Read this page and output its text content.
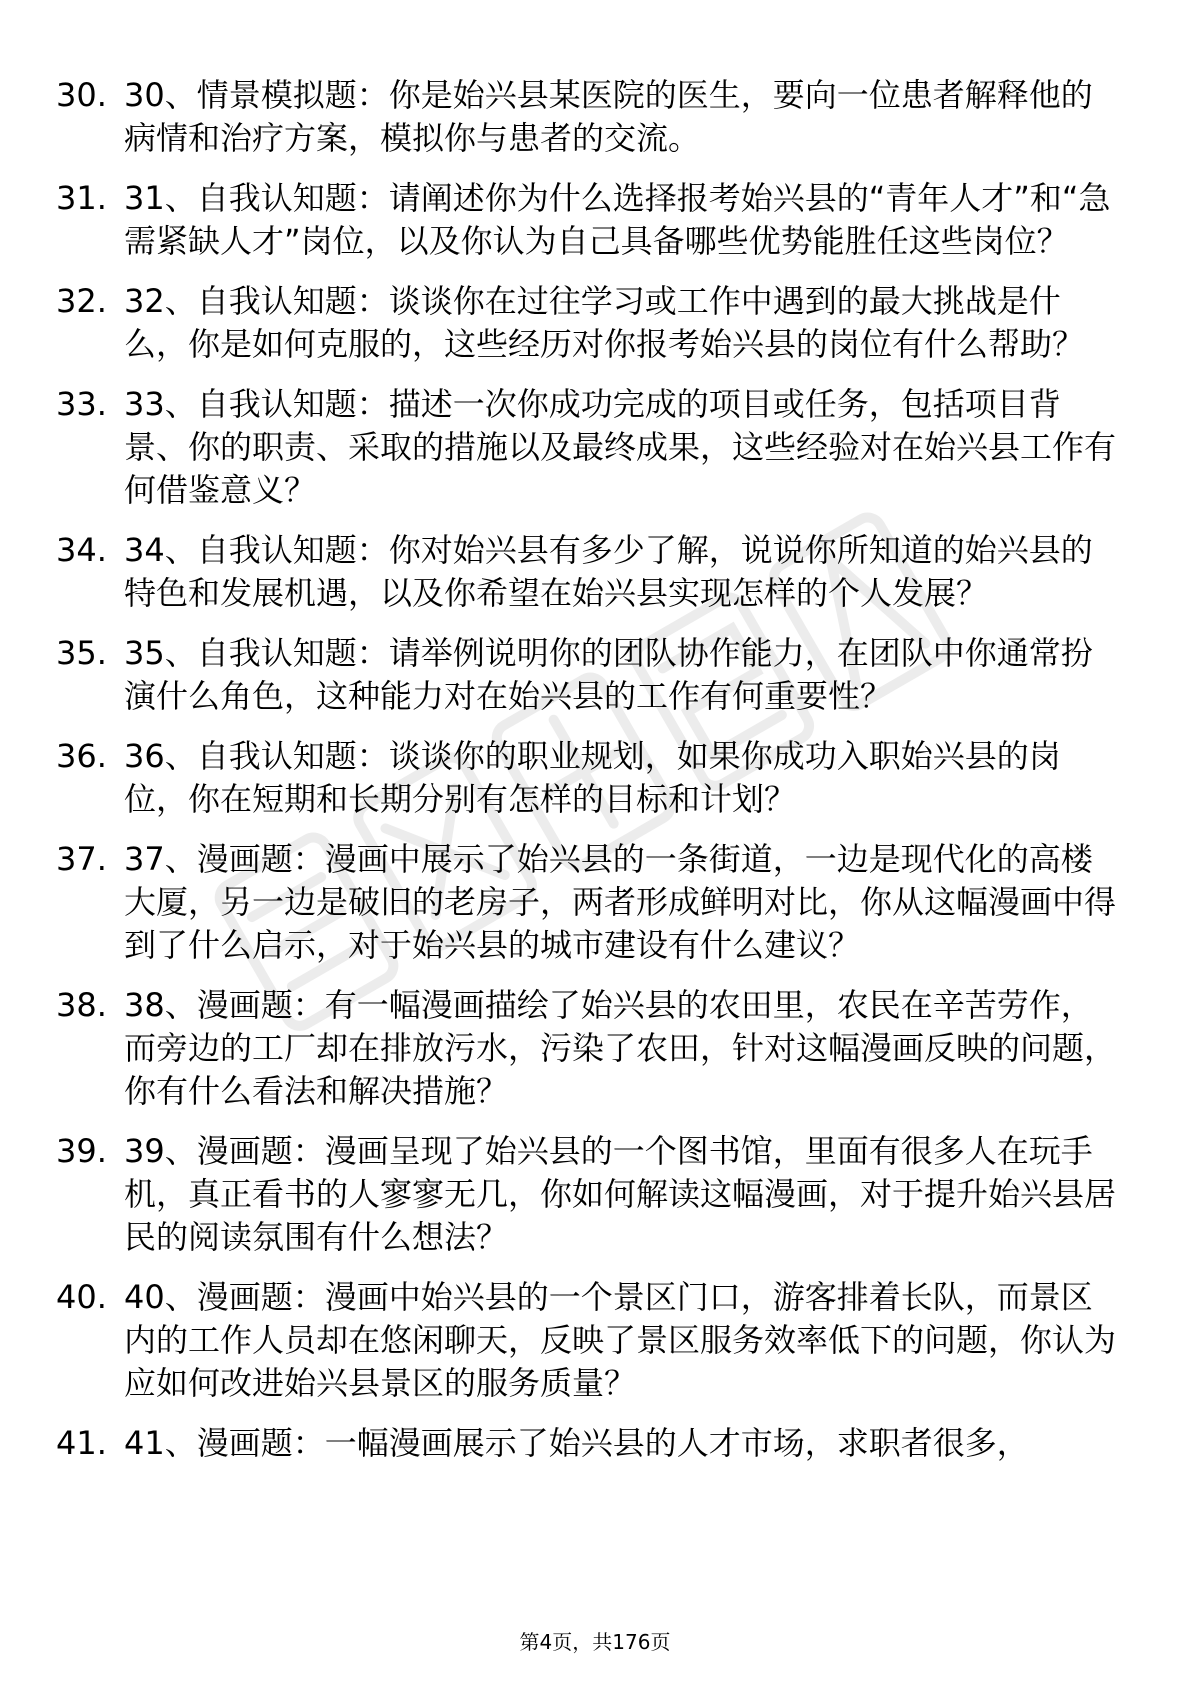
30. 30、情景模拟题：你是始兴县某医院的医生，要向一位患者解释他的病情和治疗方案，模拟你与患者的交流。
31. 31、自我认知题：请阐述你为什么选择报考始兴县的“青年人才”和“急需紧缺人才”岗位，以及你认为自己具备哪些优势能胜任这些岗位？
32. 32、自我认知题：谈谈你在过往学习或工作中遇到的最大挑战是什么，你是如何克服的，这些经历对你报考始兴县的岗位有什么帮助？
33. 33、自我认知题：描述一次你成功完成的项目或任务，包括项目背景、你的职责、采取的措施以及最终成果，这些经验对在始兴县工作有何借鉴意义？
34. 34、自我认知题：你对始兴县有多少了解，说说你所知道的始兴县的特色和发展机遇，以及你希望在始兴县实现怎样的个人发展？
35. 35、自我认知题：请举例说明你的团队协作能力，在团队中你通常扮演什么角色，这种能力对在始兴县的工作有何重要性？
36. 36、自我认知题：谈谈你的职业规划，如果你成功入职始兴县的岗位，你在短期和长期分别有怎样的目标和计划？
37. 37、漫画题：漫画中展示了始兴县的一条街道，一边是现代化的高楼大厦，另一边是破旧的老房子，两者形成鲜明对比，你从这幅漫画中得到了什么启示，对于始兴县的城市建设有什么建议？
38. 38、漫画题：有一幅漫画描绘了始兴县的农田里，农民在辛苦劳作，而旁边的工厂却在排放污水，污染了农田，针对这幅漫画反映的问题，你有什么看法和解决措施？
39. 39、漫画题：漫画呈现了始兴县的一个图书馆，里面有很多人在玩手机，真正看书的人寥寥无几，你如何解读这幅漫画，对于提升始兴县居民的阅读氛围有什么想法？
40. 40、漫画题：漫画中始兴县的一个景区门口，游客排着长队，而景区内的工作人员却在悠闲聊天，反映了景区服务效率低下的问题，你认为应如何改进始兴县景区的服务质量？
41. 41、漫画题：一幅漫画展示了始兴县的人才市场，求职者很多，
第4页，共176页
